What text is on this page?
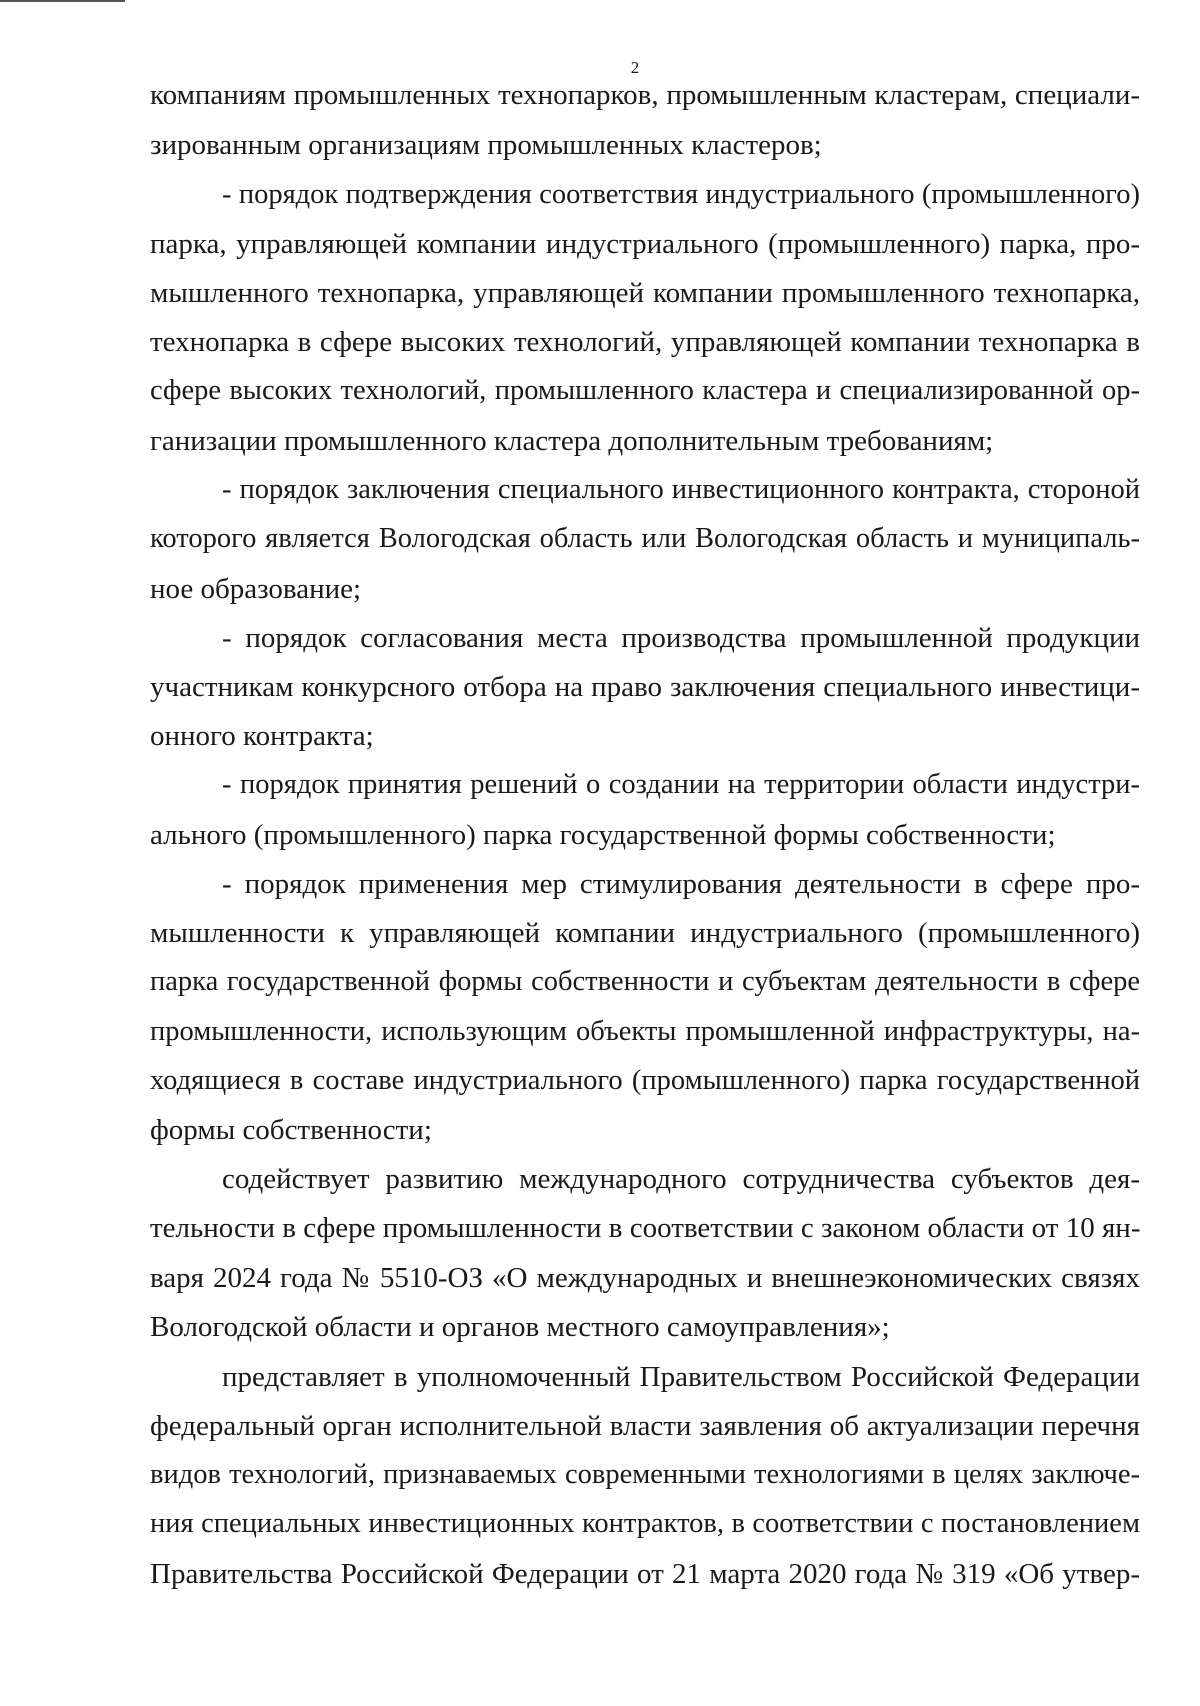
2
компаниям промышленных технопарков, промышленным кластерам, специали-
зированным организациям промышленных кластеров;
- порядок подтверждения соответствия индустриального (промышленного)
парка, управляющей компании индустриального (промышленного) парка, про-
мышленного технопарка, управляющей компании промышленного технопарка,
технопарка в сфере высоких технологий, управляющей компании технопарка в
сфере высоких технологий, промышленного кластера и специализированной ор-
ганизации промышленного кластера дополнительным требованиям;
- порядок заключения специального инвестиционного контракта, стороной
которого является Вологодская область или Вологодская область и муниципаль-
ное образование;
- порядок согласования места производства промышленной продукции
участникам конкурсного отбора на право заключения специального инвестици-
онного контракта;
- порядок принятия решений о создании на территории области индустри-
ального (промышленного) парка государственной формы собственности;
- порядок применения мер стимулирования деятельности в сфере про-
мышленности к управляющей компании индустриального (промышленного)
парка государственной формы собственности и субъектам деятельности в сфере
промышленности, использующим объекты промышленной инфраструктуры, на-
ходящиеся в составе индустриального (промышленного) парка государственной
формы собственности;
содействует развитию международного сотрудничества субъектов дея-
тельности в сфере промышленности в соответствии с законом области от 10 ян-
варя 2024 года № 5510-ОЗ «О международных и внешнеэкономических связях
Вологодской области и органов местного самоуправления»;
представляет в уполномоченный Правительством Российской Федерации
федеральный орган исполнительной власти заявления об актуализации перечня
видов технологий, признаваемых современными технологиями в целях заключе-
ния специальных инвестиционных контрактов, в соответствии с постановлением
Правительства Российской Федерации от 21 марта 2020 года № 319 «Об утвер-
